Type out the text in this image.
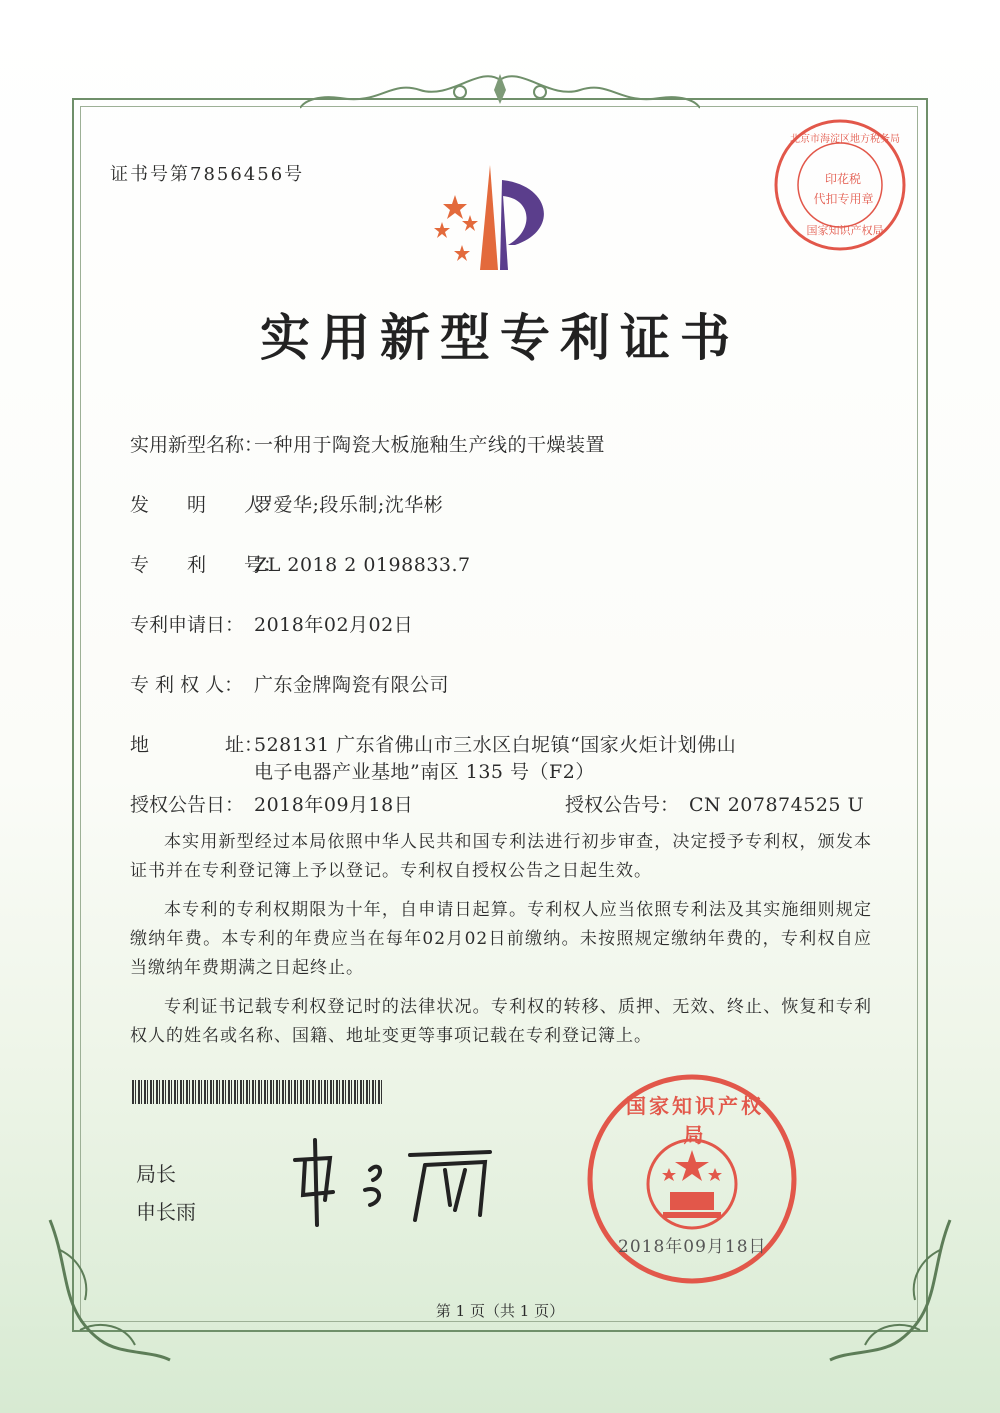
证书号第7856456号
北京市海淀区地方税务局
印花税
代扣专用章
国家知识产权局
实用新型专利证书
实用新型名称：一种用于陶瓷大板施釉生产线的干燥装置
发　　明　　人：罗爱华;段乐制;沈华彬
专　　利　　号：ZL 2018 2 0198833.7
专利申请日： 2018年02月02日
专 利 权 人： 广东金牌陶瓷有限公司
地　　　　址：528131 广东省佛山市三水区白坭镇“国家火炬计划佛山
电子电器产业基地”南区 135 号（F2）
授权公告日： 2018年09月18日	授权公告号： CN 207874525 U

本实用新型经过本局依照中华人民共和国专利法进行初步审查，决定授予专利权，颁发本证书并在专利登记簿上予以登记。专利权自授权公告之日起生效。

本专利的专利权期限为十年，自申请日起算。专利权人应当依照专利法及其实施细则规定缴纳年费。本专利的年费应当在每年02月02日前缴纳。未按照规定缴纳年费的，专利权自应当缴纳年费期满之日起终止。

专利证书记载专利权登记时的法律状况。专利权的转移、质押、无效、终止、恢复和专利权人的姓名或名称、国籍、地址变更等事项记载在专利登记簿上。

局长
申长雨
国家知识产权局
2018年09月18日
第 1 页（共 1 页）
